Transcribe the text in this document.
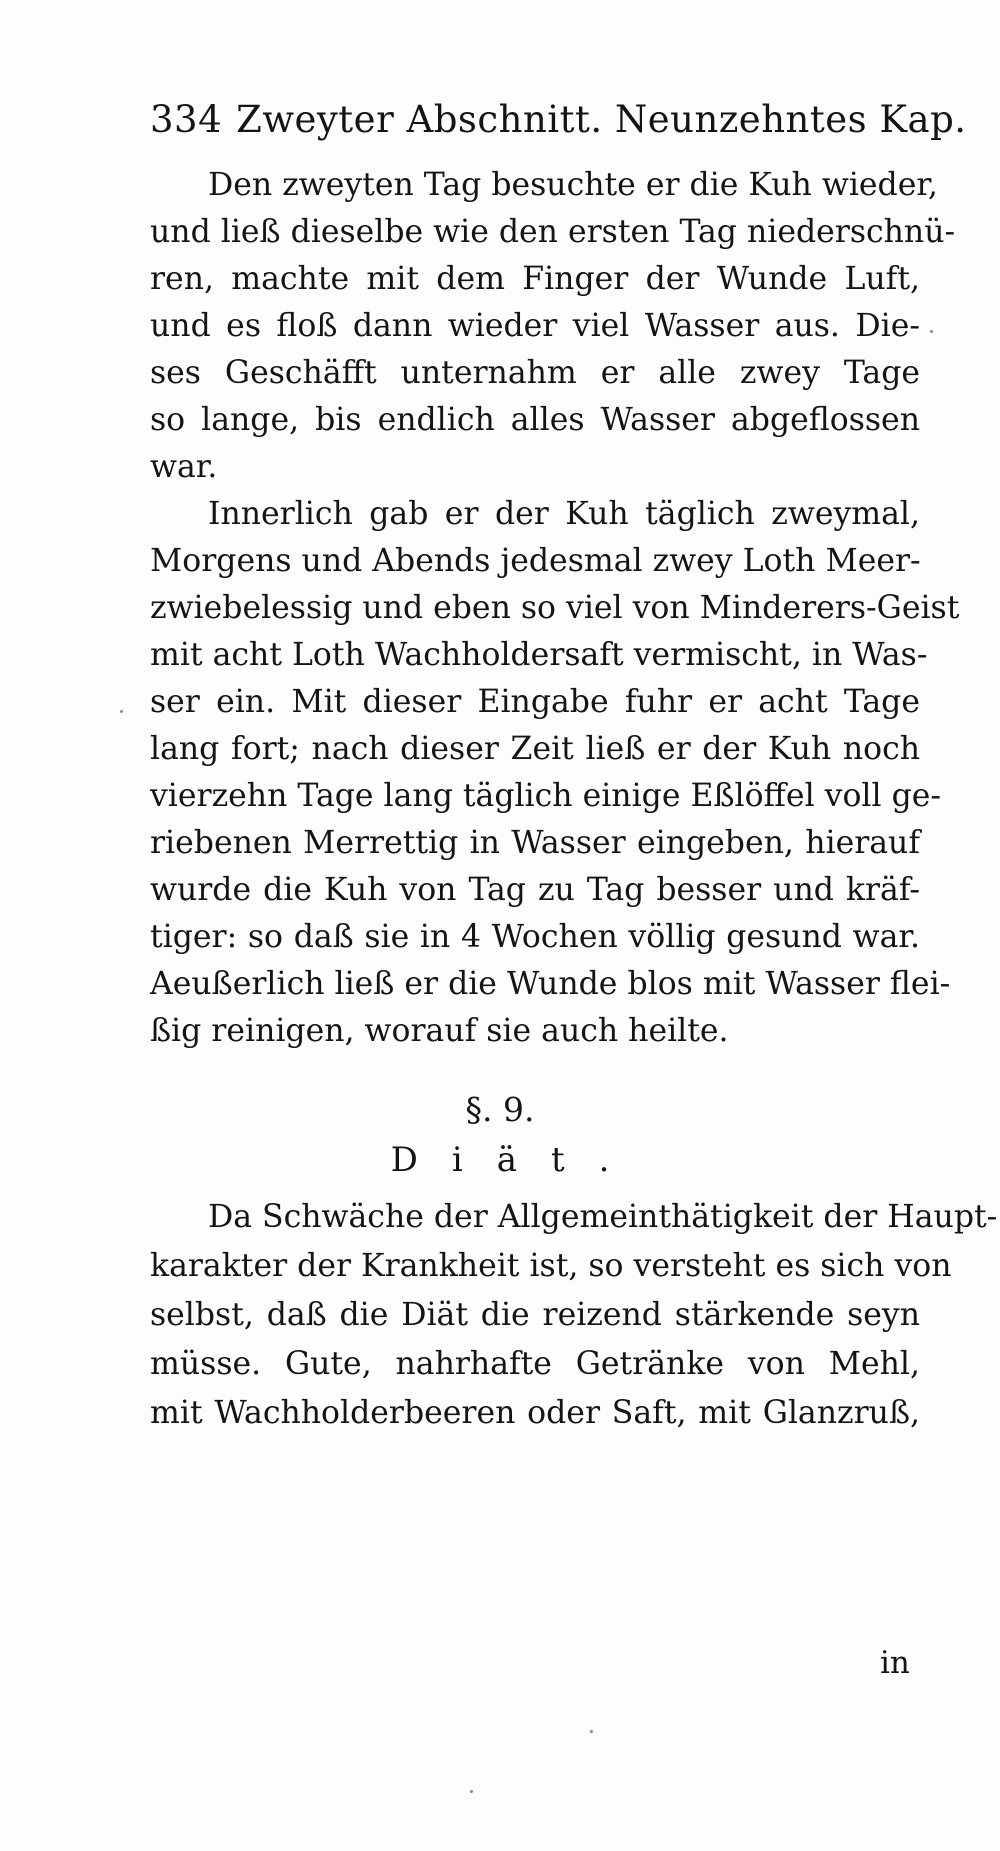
334 Zweyter Abschnitt. Neunzehntes Kap.
Den zweyten Tag besuchte er die Kuh wieder,
und ließ dieselbe wie den ersten Tag niederschnü-
ren, machte mit dem Finger der Wunde Luft,
und es floß dann wieder viel Wasser aus. Die-
ses Geschäfft unternahm er alle zwey Tage
so lange, bis endlich alles Wasser abgeflossen
war.
Innerlich gab er der Kuh täglich zweymal,
Morgens und Abends jedesmal zwey Loth Meer-
zwiebelessig und eben so viel von Minderers-Geist
mit acht Loth Wachholdersaft vermischt, in Was-
ser ein. Mit dieser Eingabe fuhr er acht Tage
lang fort; nach dieser Zeit ließ er der Kuh noch
vierzehn Tage lang täglich einige Eßlöffel voll ge-
riebenen Merrettig in Wasser eingeben, hierauf
wurde die Kuh von Tag zu Tag besser und kräf-
tiger: so daß sie in 4 Wochen völlig gesund war.
Aeußerlich ließ er die Wunde blos mit Wasser flei-
ßig reinigen, worauf sie auch heilte.
§. 9.
Diät.
Da Schwäche der Allgemeinthätigkeit der Haupt-
karakter der Krankheit ist, so versteht es sich von
selbst, daß die Diät die reizend stärkende seyn
müsse. Gute, nahrhafte Getränke von Mehl,
mit Wachholderbeeren oder Saft, mit Glanzruß,
in
